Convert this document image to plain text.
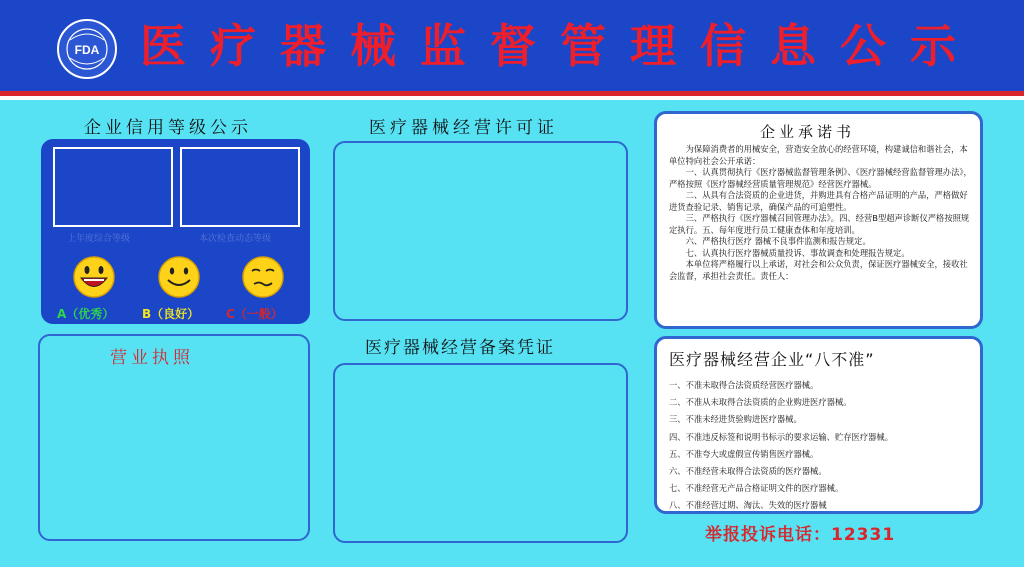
FDA 医疗器械监督管理信息公示
企业信用等级公示
上年度综合等级	本次检查动态等级
A（优秀） B（良好） C（一般）
营业执照
医疗器械经营许可证
医疗器械经营备案凭证
企业承诺书

为保障消费者的用械安全，营造安全放心的经营环境，构建诚信和谐社会，本单位特向社会公开承诺：

一、认真贯彻执行《医疗器械监督管理条例》、《医疗器械经营监督管理办法》，严格按照《医疗器械经营质量管理规范》经营医疗器械。

二、从具有合法资质的企业进货，并购进具有合格产品证明的产品，严格做好进货查验记录、销售记录，确保产品的可追塑性。

三、严格执行《医疗器械召回管理办法》。四、经营B型超声诊断仪严格按照规定执行。五、每年度进行员工健康查体和年度培训。

六、严格执行医疗 器械不良事件监测和报告规定。

七、认真执行医疗器械质量投诉、事故调查和处理报告规定。

本单位将严格履行以上承诺，对社会和公众负责，保证医疗器械安全，接收社会监督，承担社会责任。责任人：

医疗器械经营企业“八不准”
一、不准未取得合法资质经营医疗器械。
二、不准从未取得合法资质的企业购进医疗器械。
三、不准未经进货验购进医疗器械。
四、不准违反标签和说明书标示的要求运输、贮存医疗器械。
五、不准夸大或虚假宣传销售医疗器械。
六、不准经营未取得合法资质的医疗器械。
七、不准经营无产品合格证明文件的医疗器械。
八、不准经营过期、淘汰、失效的医疗器械
举报投诉电话：12331
